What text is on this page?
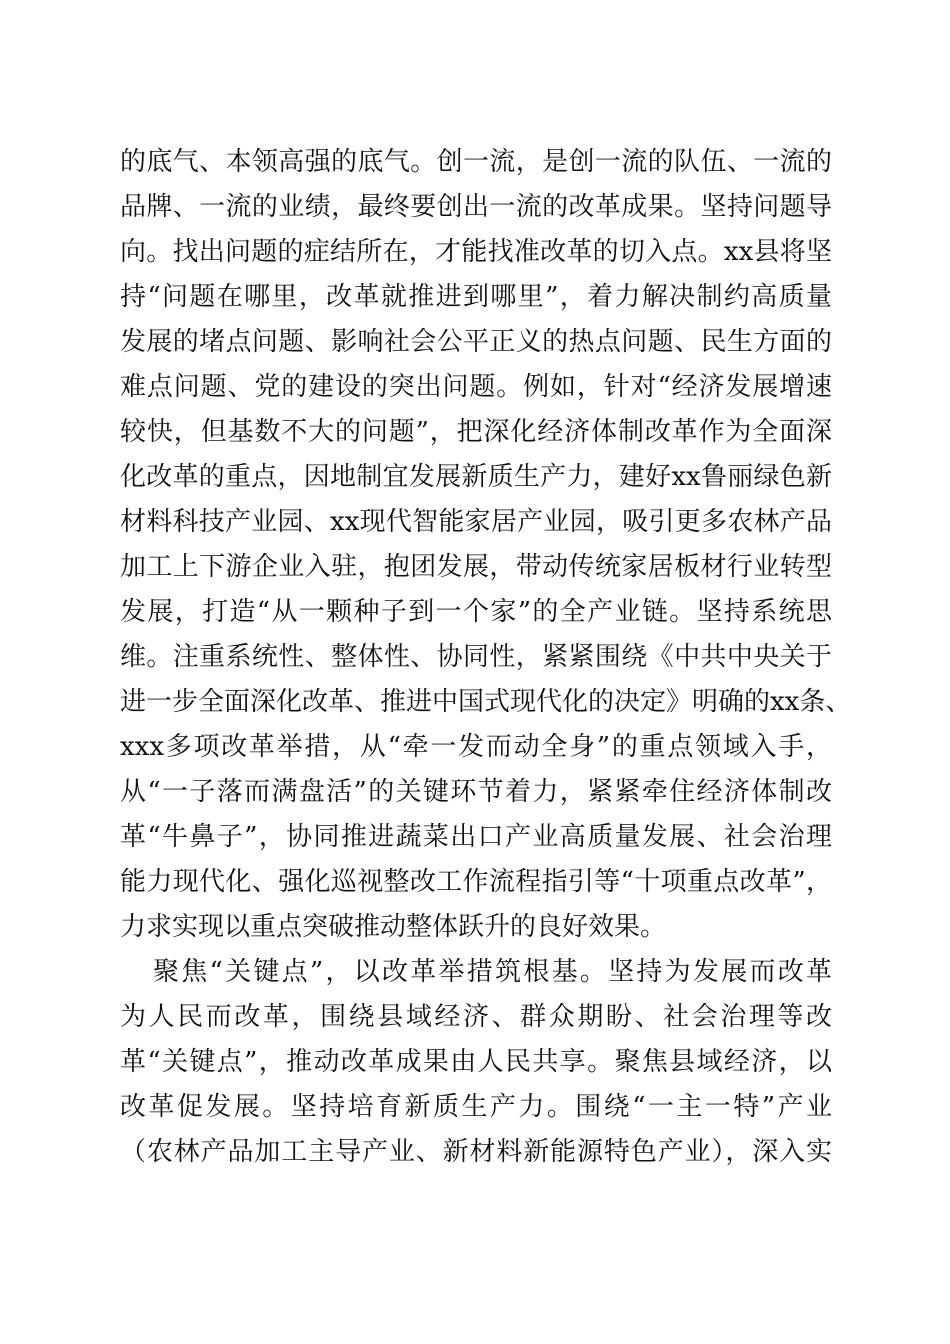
的底气、本领高强的底气。创一流，是创一流的队伍、一流的
品牌、一流的业绩，最终要创出一流的改革成果。坚持问题导
向。找出问题的症结所在，才能找准改革的切入点。xx县将坚
持“问题在哪里，改革就推进到哪里”，着力解决制约高质量
发展的堵点问题、影响社会公平正义的热点问题、民生方面的
难点问题、党的建设的突出问题。例如，针对“经济发展增速
较快，但基数不大的问题”，把深化经济体制改革作为全面深
化改革的重点，因地制宜发展新质生产力，建好xx鲁丽绿色新
材料科技产业园、xx现代智能家居产业园，吸引更多农林产品
加工上下游企业入驻，抱团发展，带动传统家居板材行业转型
发展，打造“从一颗种子到一个家”的全产业链。坚持系统思
维。注重系统性、整体性、协同性，紧紧围绕《中共中央关于
进一步全面深化改革、推进中国式现代化的决定》明确的xx条、
xxx多项改革举措，从“牵一发而动全身”的重点领域入手，
从“一子落而满盘活”的关键环节着力，紧紧牵住经济体制改
革“牛鼻子”，协同推进蔬菜出口产业高质量发展、社会治理
能力现代化、强化巡视整改工作流程指引等“十项重点改革”，
力求实现以重点突破推动整体跃升的良好效果。
聚焦“关键点”，以改革举措筑根基。坚持为发展而改革
为人民而改革，围绕县域经济、群众期盼、社会治理等改
革“关键点”，推动改革成果由人民共享。聚焦县域经济，以
改革促发展。坚持培育新质生产力。围绕“一主一特”产业
（农林产品加工主导产业、新材料新能源特色产业），深入实
